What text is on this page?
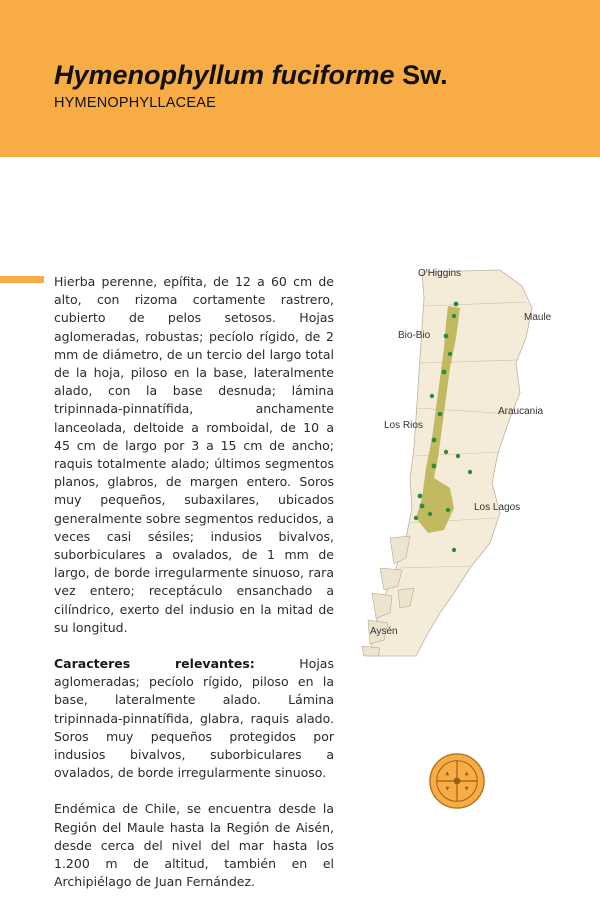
Hymenophyllum fuciforme Sw.
HYMENOPHYLLACEAE

Hierba perenne, epífita, de 12 a 60 cm de alto, con rizoma cortamente rastrero, cubierto de pelos setosos. Hojas aglomeradas, robustas; pecíolo rígido, de 2 mm de diámetro, de un tercio del largo total de la hoja, piloso en la base, lateralmente alado, con la base desnuda; lámina tripinnada-pinnatífida, anchamente lanceolada, deltoide a romboidal, de 10 a 45 cm de largo por 3 a 15 cm de ancho; raquis totalmente alado; últimos segmentos planos, glabros, de margen entero. Soros muy pequeños, subaxilares, ubicados generalmente sobre segmentos reducidos, a veces casi sésiles; indusios bivalvos, suborbiculares a ovalados, de 1 mm de largo, de borde irregularmente sinuoso, rara vez entero; receptáculo ensanchado a cilíndrico, exerto del indusio en la mitad de su longitud.

Caracteres relevantes:	Hojas aglomeradas; pecíolo rígido, piloso en la base, lateralmente alado. Lámina tripinnada-pinnatífida, glabra, raquis alado. Soros muy pequeños protegidos por indusios bivalvos, suborbiculares a ovalados, de borde irregularmente sinuoso.

Endémica de Chile, se encuentra desde la Región del Maule hasta la Región de Aisén, desde cerca del nivel del mar hasta los 1.200 m de altitud, también en el Archipiélago de Juan Fernández.

O'Higgins
Maule
Bio-Bio
Araucania
Los Rios
Los Lagos
Aysén
